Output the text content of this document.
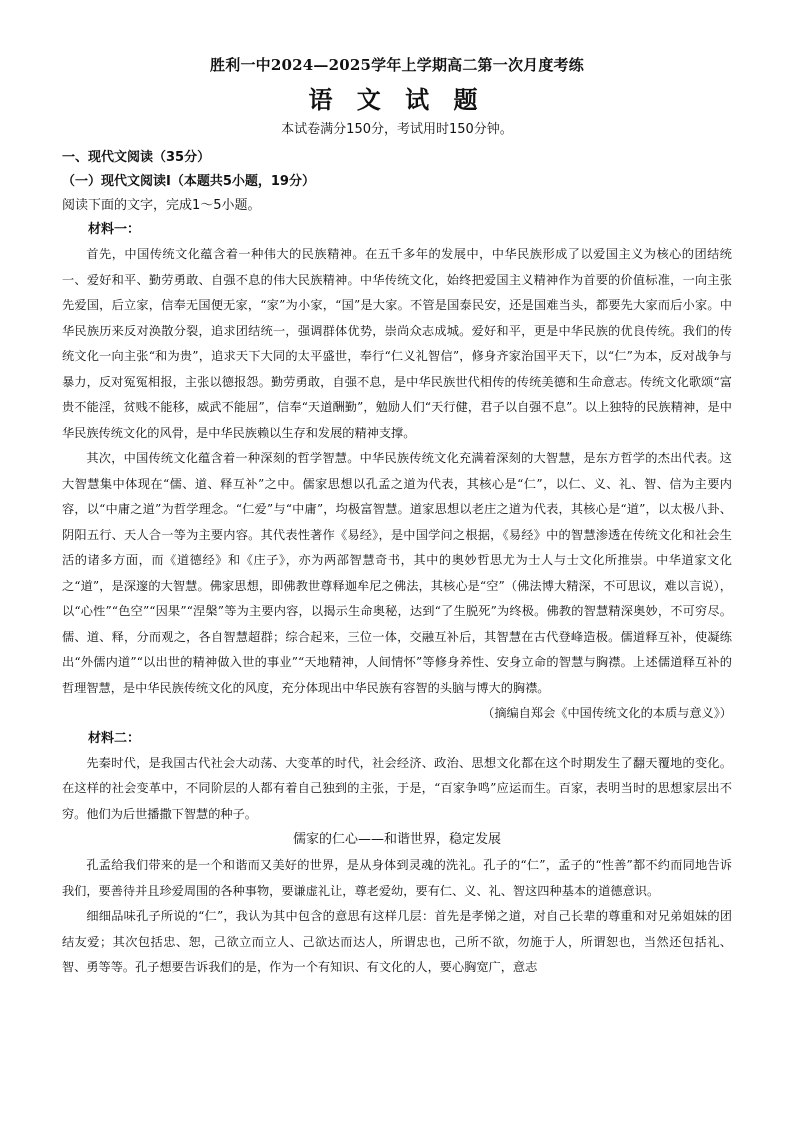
胜利一中2024—2025学年上学期高二第一次月度考练
语 文 试 题

本试卷满分150分，考试用时150分钟。

一、现代文阅读（35分）

（一）现代文阅读Ⅰ（本题共5小题，19分）

阅读下面的文字，完成1～5小题。

材料一：

首先，中国传统文化蕴含着一种伟大的民族精神。在五千多年的发展中，中华民族形成了以爱国主义为核心的团结统一、爱好和平、勤劳勇敢、自强不息的伟大民族精神。中华传统文化，始终把爱国主义精神作为首要的价值标准，一向主张先爱国，后立家，信奉无国便无家，“家”为小家，“国”是大家。不管是国泰民安，还是国难当头，都要先大家而后小家。中华民族历来反对涣散分裂，追求团结统一，强调群体优势，崇尚众志成城。爱好和平，更是中华民族的优良传统。我们的传统文化一向主张“和为贵”，追求天下大同的太平盛世，奉行“仁义礼智信”，修身齐家治国平天下，以“仁”为本，反对战争与暴力，反对冤冤相报，主张以德报怨。勤劳勇敢，自强不息，是中华民族世代相传的传统美德和生命意志。传统文化歌颂“富贵不能淫，贫贱不能移，威武不能屈”，信奉“天道酬勤”，勉励人们“天行健，君子以自强不息”。以上独特的民族精神，是中华民族传统文化的风骨，是中华民族赖以生存和发展的精神支撑。

其次，中国传统文化蕴含着一种深刻的哲学智慧。中华民族传统文化充满着深刻的大智慧，是东方哲学的杰出代表。这大智慧集中体现在“儒、道、释互补”之中。儒家思想以孔孟之道为代表，其核心是“仁”，以仁、义、礼、智、信为主要内容，以“中庸之道”为哲学理念。“仁爱”与“中庸”，均极富智慧。道家思想以老庄之道为代表，其核心是“道”，以太极八卦、阴阳五行、天人合一等为主要内容。其代表性著作《易经》，是中国学问之根据，《易经》中的智慧渗透在传统文化和社会生活的诸多方面，而《道德经》和《庄子》，亦为两部智慧奇书，其中的奥妙哲思尤为士人与士文化所推崇。中华道家文化之“道”，是深邃的大智慧。佛家思想，即佛教世尊释迦牟尼之佛法，其核心是“空”（佛法博大精深，不可思议，难以言说），以“心性”“色空”“因果”“涅槃”等为主要内容，以揭示生命奥秘，达到“了生脱死”为终极。佛教的智慧精深奥妙，不可穷尽。儒、道、释，分而观之，各自智慧超群；综合起来，三位一体，交融互补后，其智慧在古代登峰造极。儒道释互补，使凝练出“外儒内道”“以出世的精神做入世的事业”“天地精神，人间情怀”等修身养性、安身立命的智慧与胸襟。上述儒道释互补的哲理智慧，是中华民族传统文化的风度，充分体现出中华民族有容智的头脑与博大的胸襟。

（摘编自郑会《中国传统文化的本质与意义》）

材料二：

先秦时代，是我国古代社会大动荡、大变革的时代，社会经济、政治、思想文化都在这个时期发生了翻天覆地的变化。在这样的社会变革中，不同阶层的人都有着自己独到的主张，于是，“百家争鸣”应运而生。百家，表明当时的思想家层出不穷。他们为后世播撒下智慧的种子。

儒家的仁心——和谐世界，稳定发展

孔孟给我们带来的是一个和谐而又美好的世界，是从身体到灵魂的洗礼。孔子的“仁”，孟子的“性善”都不约而同地告诉我们，要善待并且珍爱周围的各种事物，要谦虚礼让，尊老爱幼，要有仁、义、礼、智这四种基本的道德意识。

细细品味孔子所说的“仁”，我认为其中包含的意思有这样几层：首先是孝悌之道，对自己长辈的尊重和对兄弟姐妹的团结友爱；其次包括忠、恕，己欲立而立人、己欲达而达人，所谓忠也，己所不欲，勿施于人，所谓恕也，当然还包括礼、智、勇等等。孔子想要告诉我们的是，作为一个有知识、有文化的人，要心胸宽广，意志
